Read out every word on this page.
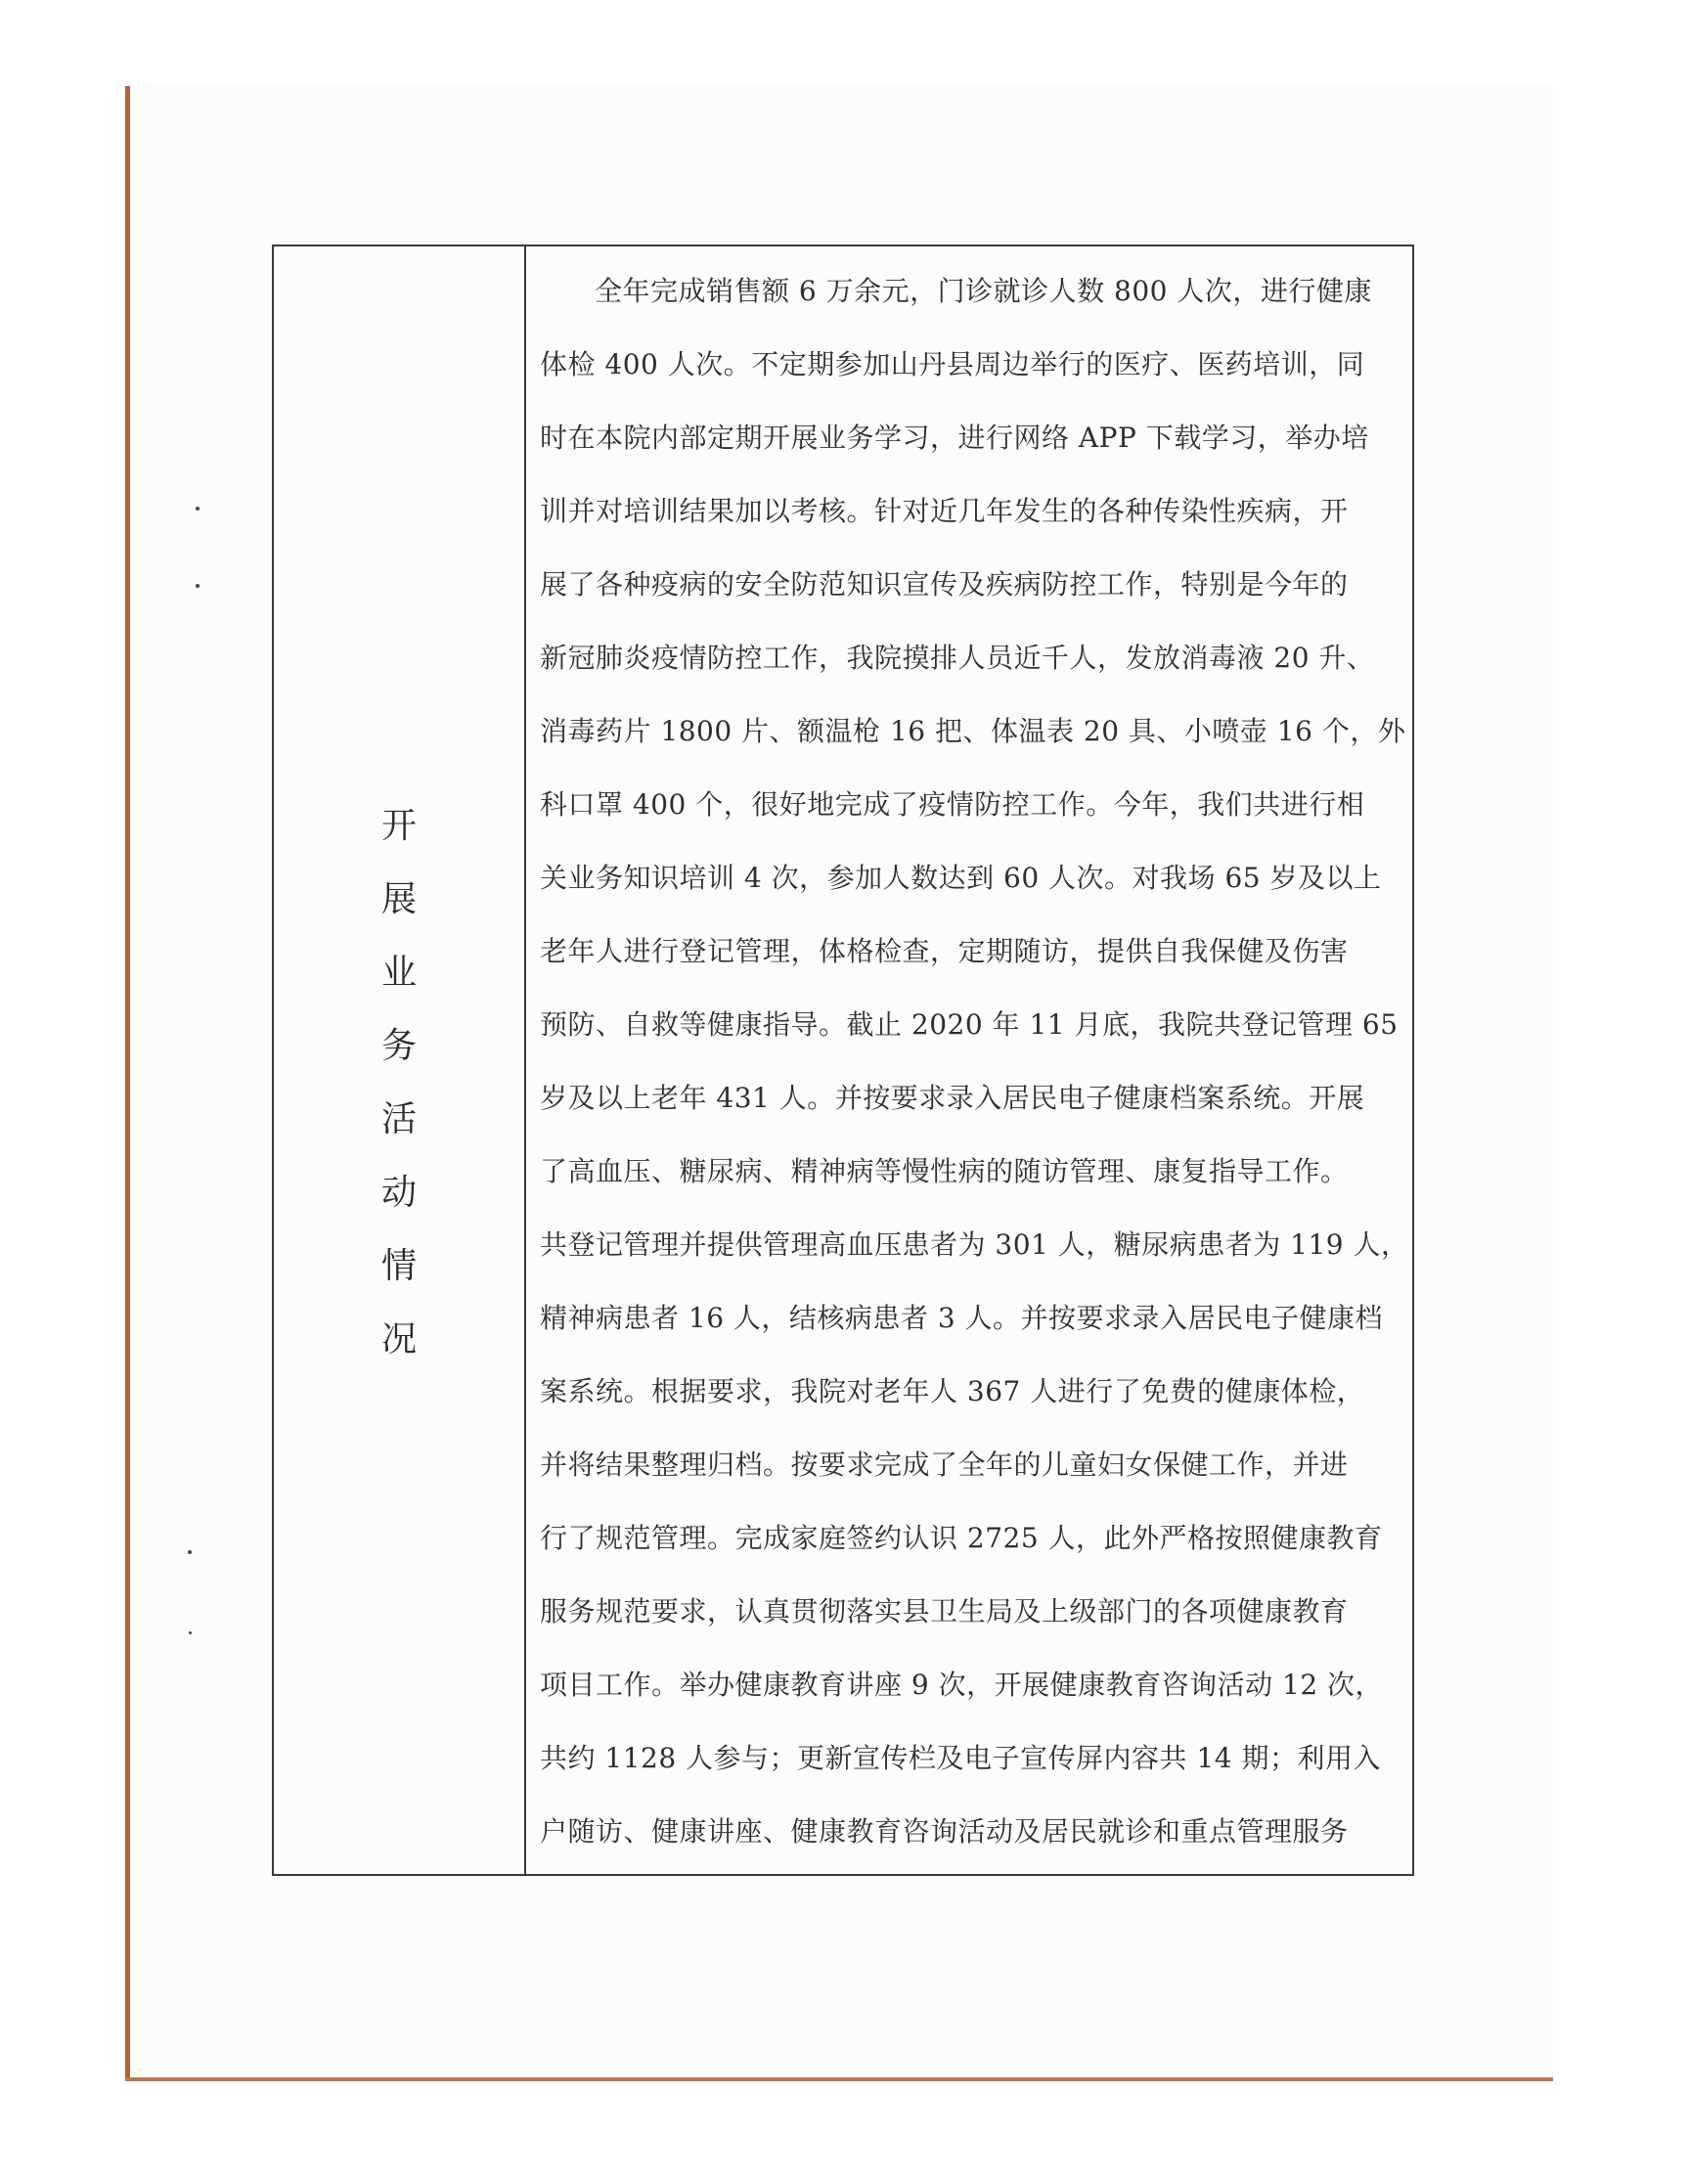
开
展
业
务
活
动
情
况
全年完成销售额 6 万余元，门诊就诊人数 800 人次，进行健康
体检 400 人次。不定期参加山丹县周边举行的医疗、医药培训，同
时在本院内部定期开展业务学习，进行网络 APP 下载学习，举办培
训并对培训结果加以考核。针对近几年发生的各种传染性疾病，开
展了各种疫病的安全防范知识宣传及疾病防控工作，特别是今年的
新冠肺炎疫情防控工作，我院摸排人员近千人，发放消毒液 20 升、
消毒药片 1800 片、额温枪 16 把、体温表 20 具、小喷壶 16 个，外
科口罩 400 个，很好地完成了疫情防控工作。今年，我们共进行相
关业务知识培训 4 次，参加人数达到 60 人次。对我场 65 岁及以上
老年人进行登记管理，体格检查，定期随访，提供自我保健及伤害
预防、自救等健康指导。截止 2020 年 11 月底，我院共登记管理 65
岁及以上老年 431 人。并按要求录入居民电子健康档案系统。开展
了高血压、糖尿病、精神病等慢性病的随访管理、康复指导工作。
共登记管理并提供管理高血压患者为 301 人，糖尿病患者为 119 人，
精神病患者 16 人，结核病患者 3 人。并按要求录入居民电子健康档
案系统。根据要求，我院对老年人 367 人进行了免费的健康体检，
并将结果整理归档。按要求完成了全年的儿童妇女保健工作，并进
行了规范管理。完成家庭签约认识 2725 人，此外严格按照健康教育
服务规范要求，认真贯彻落实县卫生局及上级部门的各项健康教育
项目工作。举办健康教育讲座 9 次，开展健康教育咨询活动 12 次，
共约 1128 人参与；更新宣传栏及电子宣传屏内容共 14 期；利用入
户随访、健康讲座、健康教育咨询活动及居民就诊和重点管理服务
